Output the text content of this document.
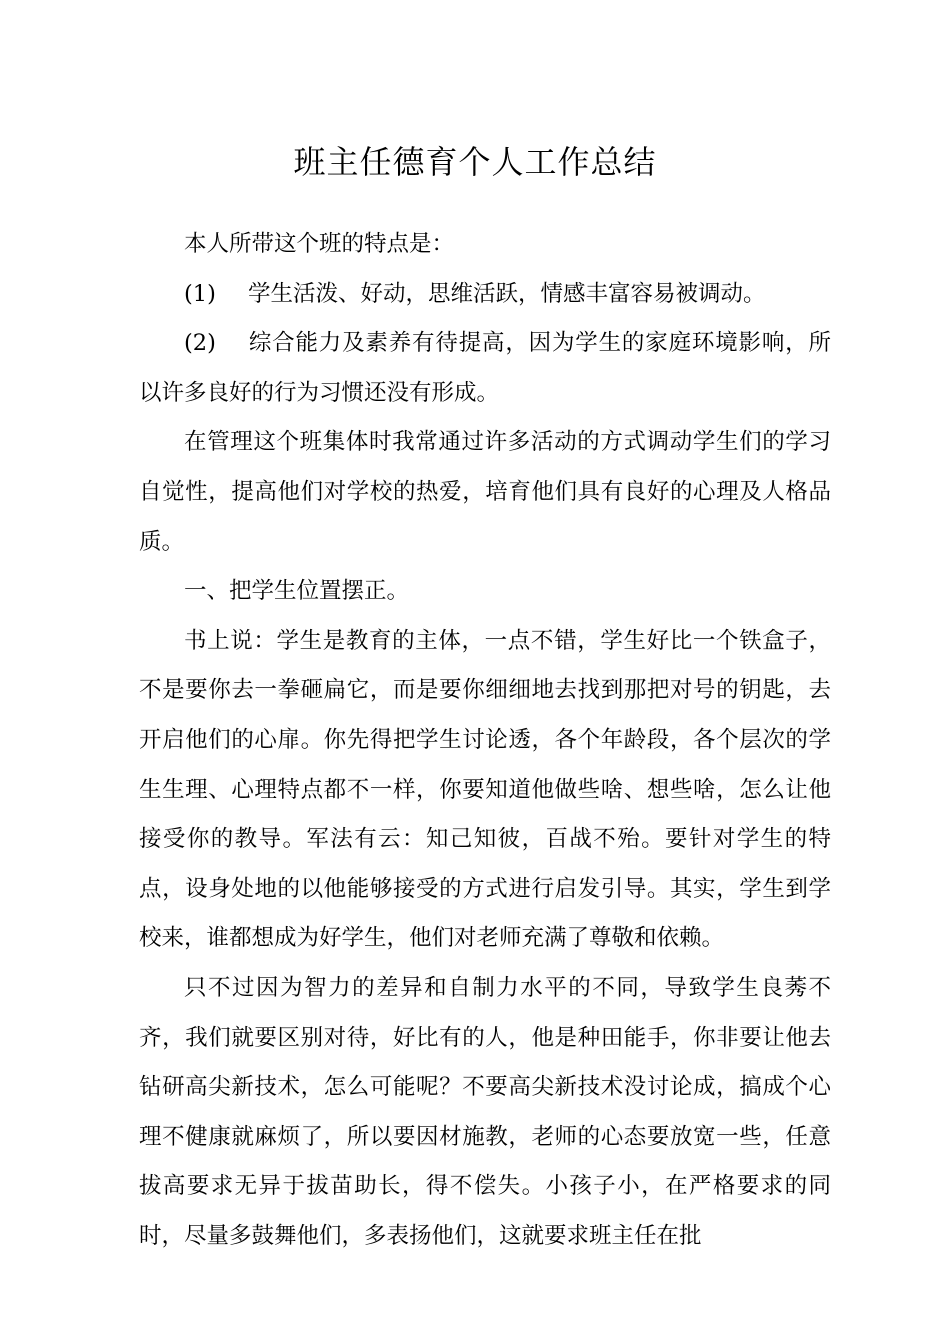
班主任德育个人工作总结

本人所带这个班的特点是：

(1) 学生活泼、好动，思维活跃，情感丰富容易被调动。

(2) 综合能力及素养有待提高，因为学生的家庭环境影响，所以许多良好的行为习惯还没有形成。

在管理这个班集体时我常通过许多活动的方式调动学生们的学习自觉性，提高他们对学校的热爱，培育他们具有良好的心理及人格品质。

一、把学生位置摆正。

书上说：学生是教育的主体，一点不错，学生好比一个铁盒子，不是要你去一拳砸扁它，而是要你细细地去找到那把对号的钥匙，去开启他们的心扉。你先得把学生讨论透，各个年龄段，各个层次的学生生理、心理特点都不一样，你要知道他做些啥、想些啥，怎么让他接受你的教导。军法有云：知己知彼，百战不殆。要针对学生的特点，设身处地的以他能够接受的方式进行启发引导。其实，学生到学校来，谁都想成为好学生，他们对老师充满了尊敬和依赖。

只不过因为智力的差异和自制力水平的不同，导致学生良莠不齐，我们就要区别对待，好比有的人，他是种田能手，你非要让他去钻研高尖新技术，怎么可能呢？不要高尖新技术没讨论成，搞成个心理不健康就麻烦了，所以要因材施教，老师的心态要放宽一些，任意拔高要求无异于拔苗助长，得不偿失。小孩子小，在严格要求的同时，尽量多鼓舞他们，多表扬他们，这就要求班主任在批
